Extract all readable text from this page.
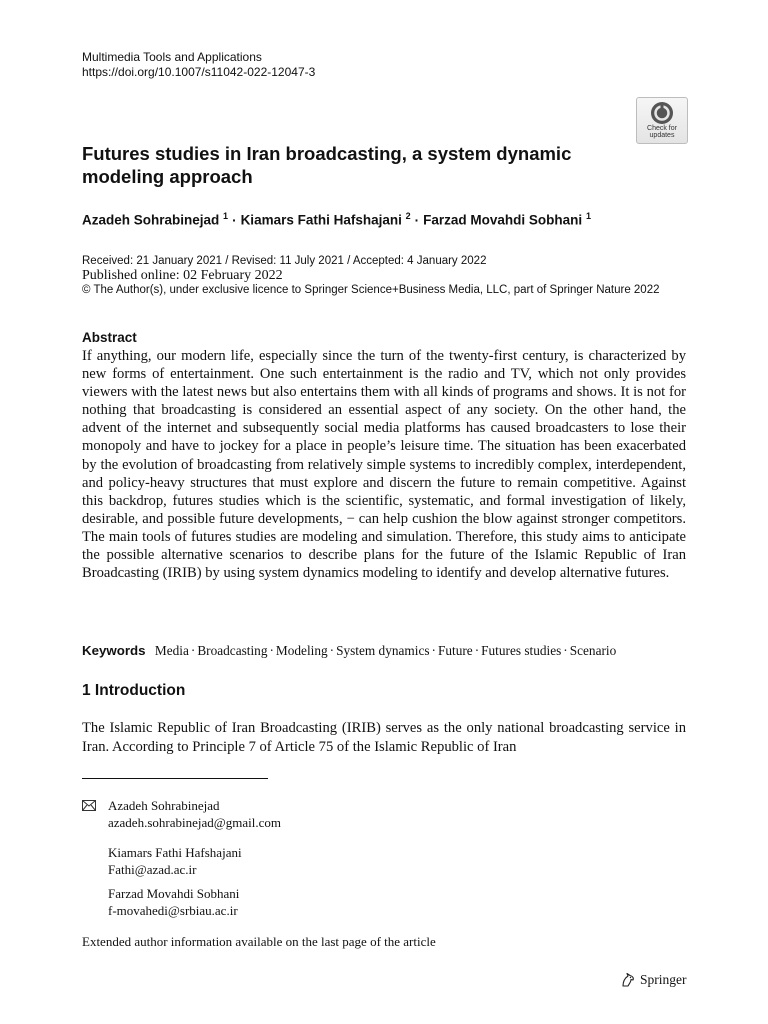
Multimedia Tools and Applications
https://doi.org/10.1007/s11042-022-12047-3
Check for
updates
Futures studies in Iran broadcasting, a system dynamic modeling approach
Azadeh Sohrabinejad $^1$ · Kiamars Fathi Hafshajani $^2$ · Farzad Movahdi Sobhani $^1$
Received: 21 January 2021 / Revised: 11 July 2021 / Accepted: 4 January 2022
Published online: 02 February 2022
© The Author(s), under exclusive licence to Springer Science+Business Media, LLC, part of Springer Nature 2022
Abstract

If anything, our modern life, especially since the turn of the twenty-first century, is characterized by new forms of entertainment. One such entertainment is the radio and TV, which not only provides viewers with the latest news but also entertains them with all kinds of programs and shows. It is not for nothing that broadcasting is considered an essential aspect of any society. On the other hand, the advent of the internet and subsequently social media platforms has caused broadcasters to lose their monopoly and have to jockey for a place in people’s leisure time. The situation has been exacerbated by the evolution of broadcasting from relatively simple systems to incredibly complex, interdependent, and policy-heavy structures that must explore and discern the future to remain competitive. Against this backdrop, futures studies which is the scientific, systematic, and formal investigation of likely, desirable, and possible future developments, − can help cushion the blow against stronger competitors. The main tools of futures studies are modeling and simulation. Therefore, this study aims to anticipate the possible alternative scenarios to describe plans for the future of the Islamic Republic of Iran Broadcasting (IRIB) by using system dynamics modeling to identify and develop alternative futures.

Keywords Media · Broadcasting · Modeling · System dynamics · Future · Futures studies · Scenario
1 Introduction

The Islamic Republic of Iran Broadcasting (IRIB) serves as the only national broadcasting service in Iran. According to Principle 7 of Article 75 of the Islamic Republic of Iran

Azadeh Sohrabinejad
azadeh.sohrabinejad@gmail.com
Kiamars Fathi Hafshajani
Fathi@azad.ac.ir
Farzad Movahdi Sobhani
f-movahedi@srbiau.ac.ir
Extended author information available on the last page of the article
Springer
